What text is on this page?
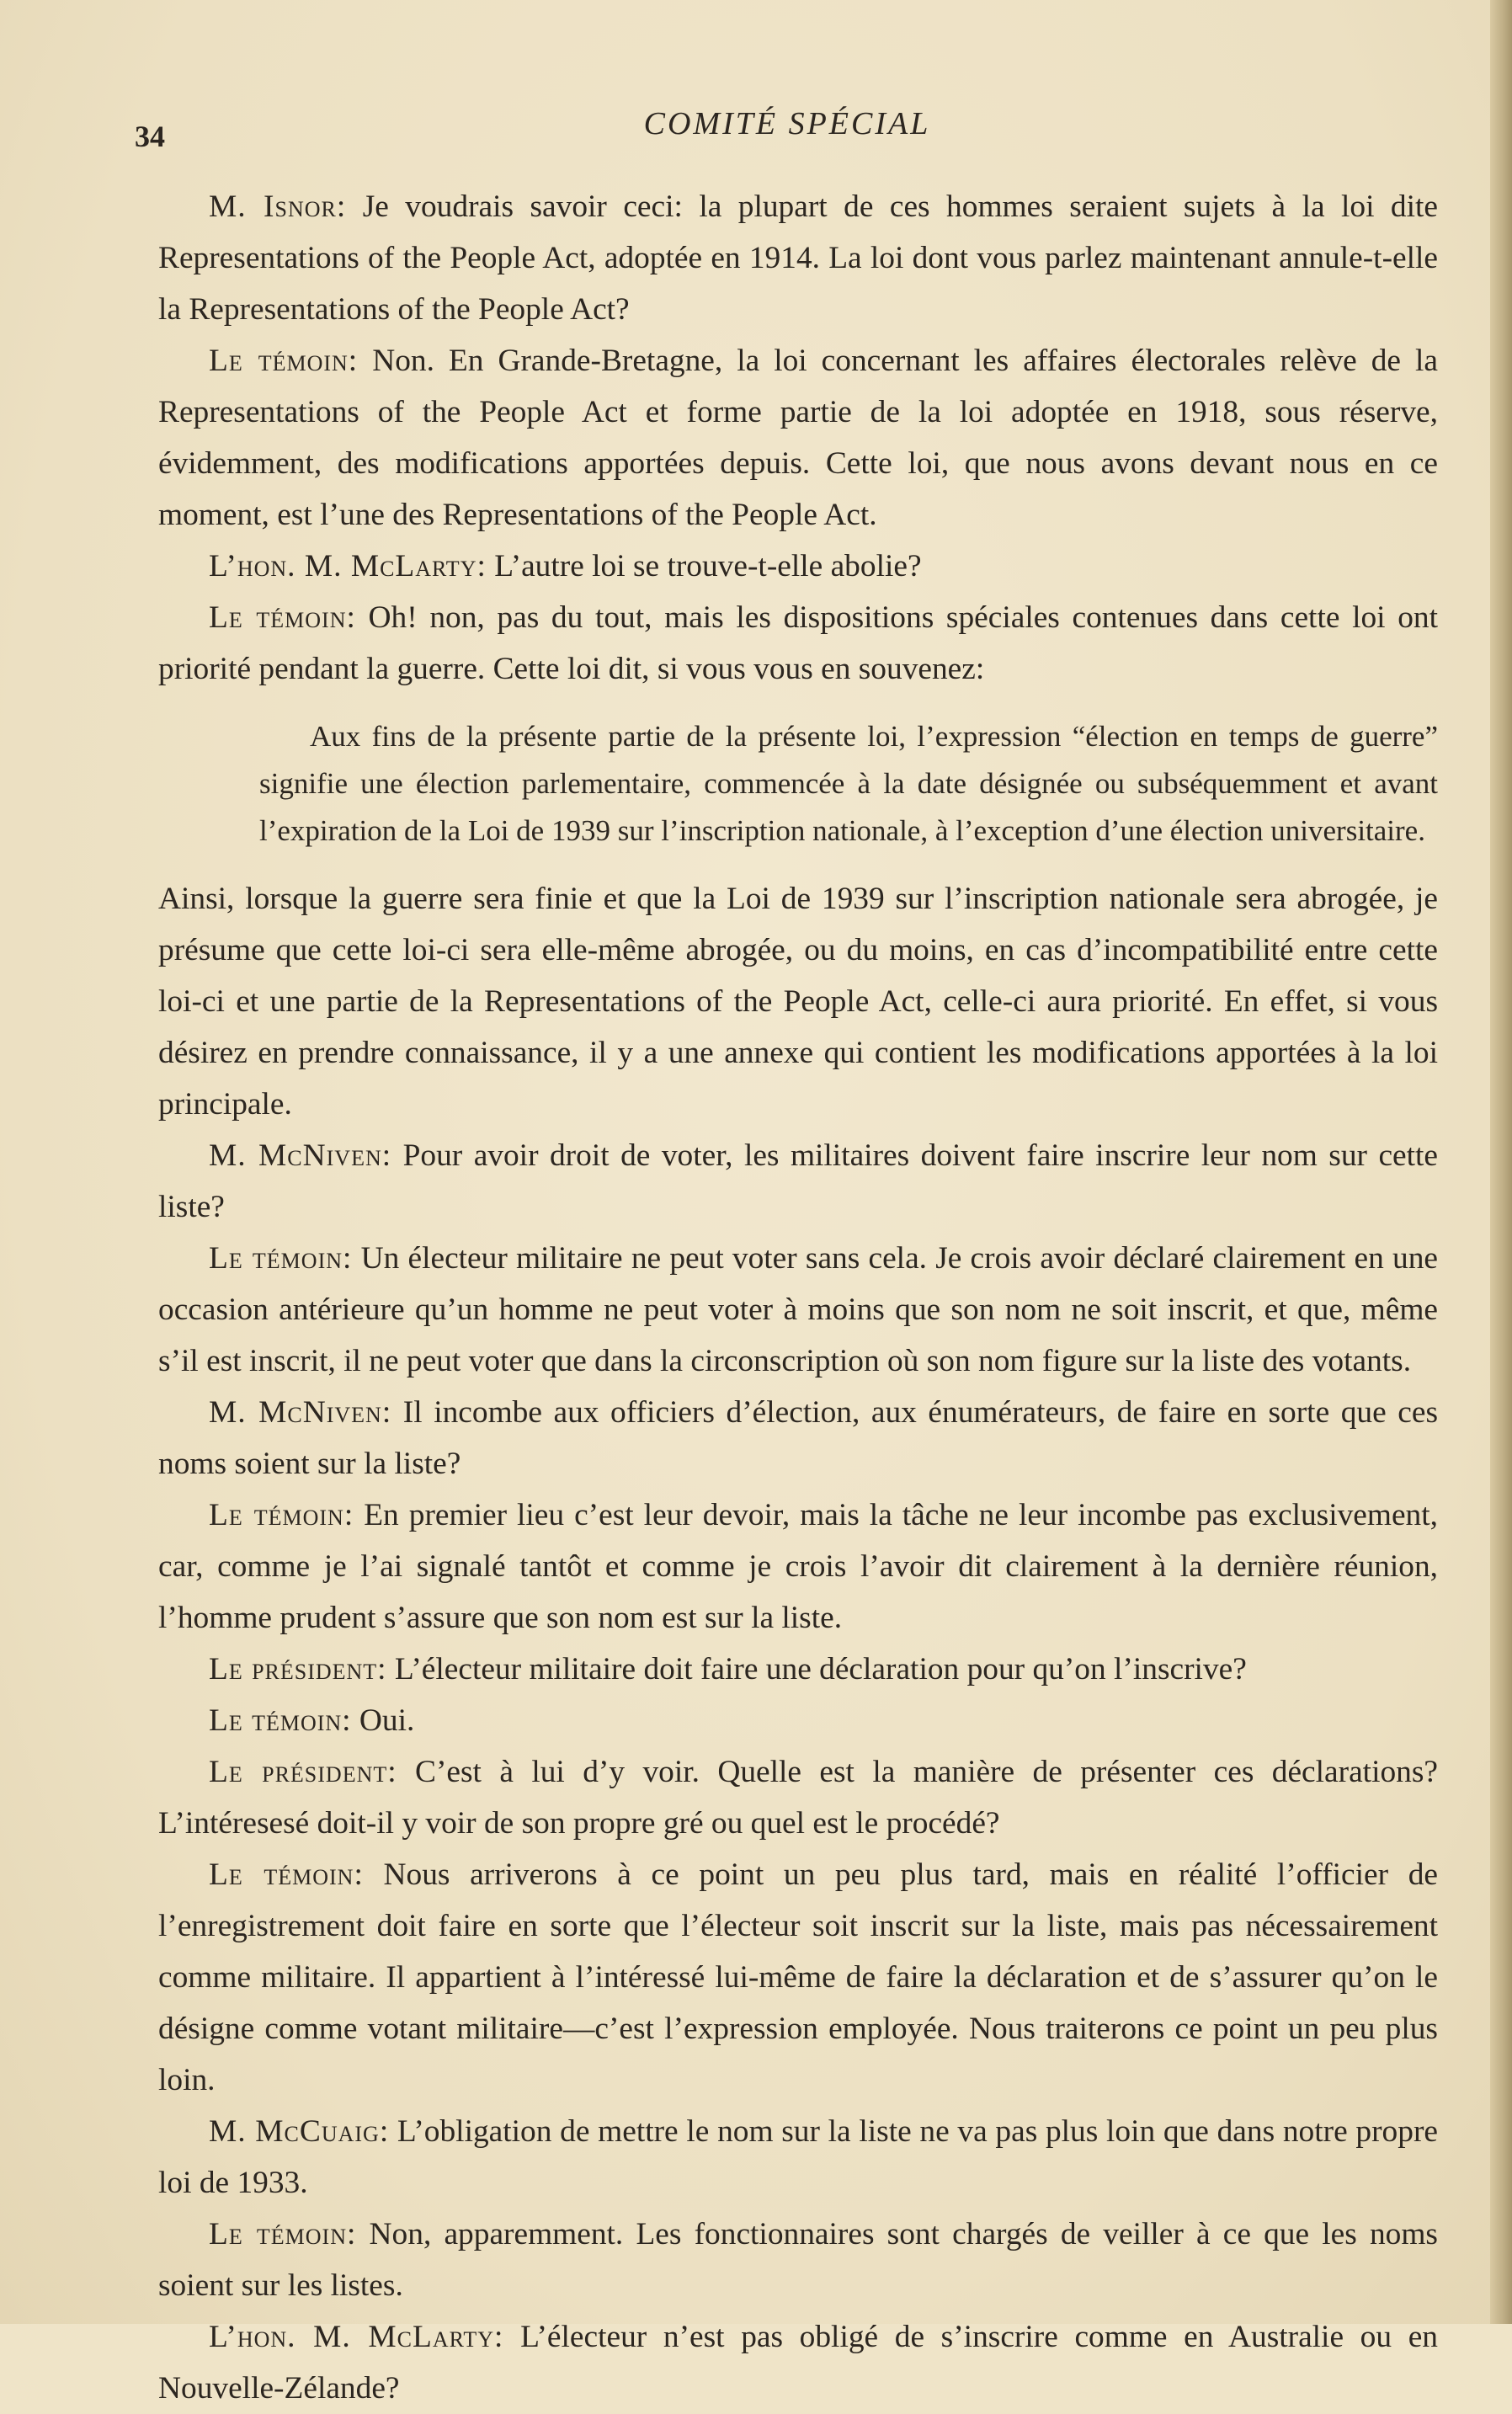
34	COMITÉ SPÉCIAL

M. Isnor: Je voudrais savoir ceci: la plupart de ces hommes seraient sujets à la loi dite Representations of the People Act, adoptée en 1914. La loi dont vous parlez maintenant annule-t-elle la Representations of the People Act?

Le témoin: Non. En Grande-Bretagne, la loi concernant les affaires électorales relève de la Representations of the People Act et forme partie de la loi adoptée en 1918, sous réserve, évidemment, des modifications apportées depuis. Cette loi, que nous avons devant nous en ce moment, est l’une des Representations of the People Act.

L’hon. M. McLarty: L’autre loi se trouve-t-elle abolie?

Le témoin: Oh! non, pas du tout, mais les dispositions spéciales contenues dans cette loi ont priorité pendant la guerre. Cette loi dit, si vous vous en souvenez:

Aux fins de la présente partie de la présente loi, l’expression “élection en temps de guerre” signifie une élection parlementaire, commencée à la date désignée ou subséquemment et avant l’expiration de la Loi de 1939 sur l’inscription nationale, à l’exception d’une élection universitaire.

Ainsi, lorsque la guerre sera finie et que la Loi de 1939 sur l’inscription nationale sera abrogée, je présume que cette loi-ci sera elle-même abrogée, ou du moins, en cas d’incompatibilité entre cette loi-ci et une partie de la Representations of the People Act, celle-ci aura priorité. En effet, si vous désirez en prendre connaissance, il y a une annexe qui contient les modifications apportées à la loi principale.

M. McNiven: Pour avoir droit de voter, les militaires doivent faire inscrire leur nom sur cette liste?

Le témoin: Un électeur militaire ne peut voter sans cela. Je crois avoir déclaré clairement en une occasion antérieure qu’un homme ne peut voter à moins que son nom ne soit inscrit, et que, même s’il est inscrit, il ne peut voter que dans la circonscription où son nom figure sur la liste des votants.

M. McNiven: Il incombe aux officiers d’élection, aux énumérateurs, de faire en sorte que ces noms soient sur la liste?

Le témoin: En premier lieu c’est leur devoir, mais la tâche ne leur incombe pas exclusivement, car, comme je l’ai signalé tantôt et comme je crois l’avoir dit clairement à la dernière réunion, l’homme prudent s’assure que son nom est sur la liste.

Le président: L’électeur militaire doit faire une déclaration pour qu’on l’inscrive?

Le témoin: Oui.

Le président: C’est à lui d’y voir. Quelle est la manière de présenter ces déclarations? L’intéresesé doit-il y voir de son propre gré ou quel est le procédé?

Le témoin: Nous arriverons à ce point un peu plus tard, mais en réalité l’officier de l’enregistrement doit faire en sorte que l’électeur soit inscrit sur la liste, mais pas nécessairement comme militaire. Il appartient à l’intéressé lui-même de faire la déclaration et de s’assurer qu’on le désigne comme votant militaire—c’est l’expression employée. Nous traiterons ce point un peu plus loin.

M. McCuaig: L’obligation de mettre le nom sur la liste ne va pas plus loin que dans notre propre loi de 1933.

Le témoin: Non, apparemment. Les fonctionnaires sont chargés de veiller à ce que les noms soient sur les listes.

L’hon. M. McLarty: L’électeur n’est pas obligé de s’inscrire comme en Australie ou en Nouvelle-Zélande?
